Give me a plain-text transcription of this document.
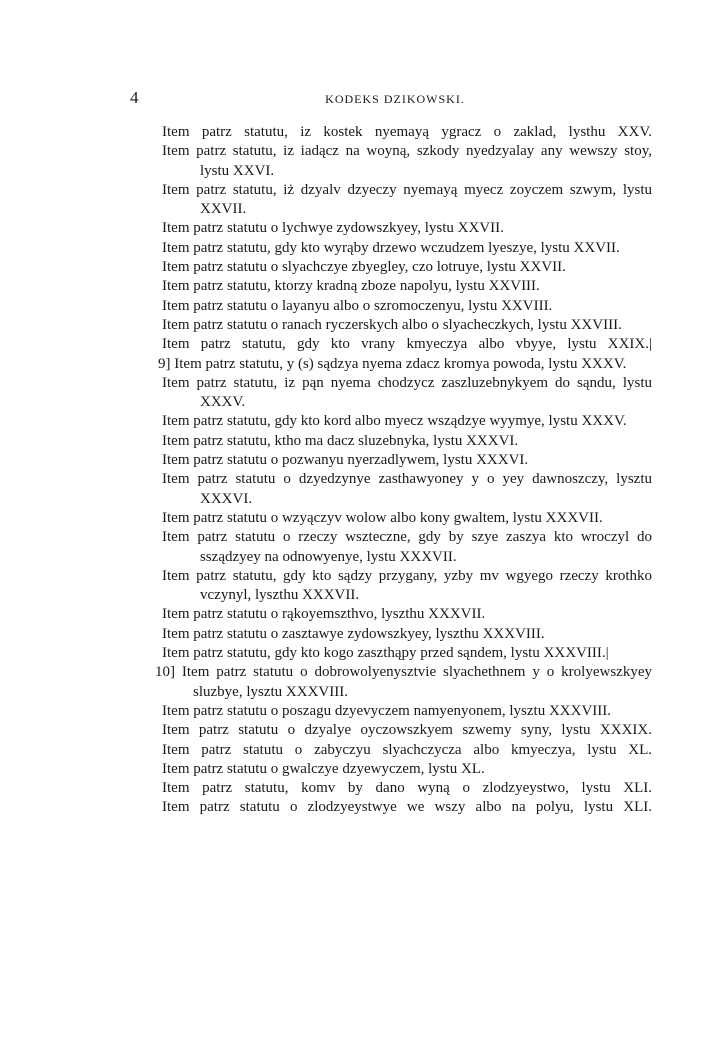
4	KODEKS DZIKOWSKI.
Item patrz statutu, iz kostek nyemayą ygracz o zaklad, lysthu XXV.
Item patrz statutu, iz iadącz na woyną, szkody nyedzyalay any wewszy stoy, lystu XXVI.
Item patrz statutu, iż dzyalv dzyeczy nyemayą myecz zoyczem szwym, lystu XXVII.
Item patrz statutu o lychwye zydowszkyey, lystu XXVII.
Item patrz statutu, gdy kto wyrąby drzewo wczudzem lyeszye, lystu XXVII.
Item patrz statutu o slyachczye zbyegley, czo lotruye, lystu XXVII.
Item patrz statutu, ktorzy kradną zboze napolyu, lystu XXVIII.
Item patrz statutu o layanyu albo o szromoczenyu, lystu XXVIII.
Item patrz statutu o ranach ryczerskych albo o slyacheczkych, lystu XXVIII.
Item patrz statutu, gdy kto vrany kmyeczya albo vbyye, lystu XXIX.|
9] Item patrz statutu, y (s) sądzya nyema zdacz kromya powoda, lystu XXXV.
Item patrz statutu, iz pąn nyema chodzycz zaszluzebnykyem do sąndu, lystu XXXV.
Item patrz statutu, gdy kto kord albo myecz wsządzye wyymye, lystu XXXV.
Item patrz statutu, ktho ma dacz sluzebnyka, lystu XXXVI.
Item patrz statutu o pozwanyu nyerzadlywem, lystu XXXVI.
Item patrz statutu o dzyedzynye zasthawyoney y o yey dawnoszczy, lysztu XXXVI.
Item patrz statutu o wzyączyv wolow albo kony gwaltem, lystu XXXVII.
Item patrz statutu o rzeczy wszteczne, gdy by szye zaszya kto wroczyl do ssządzyey na odnowyenye, lystu XXXVII.
Item patrz statutu, gdy kto sądzy przygany, yzby mv wgyego rzeczy krothko vczynyl, lyszthu XXXVII.
Item patrz statutu o rąkoyemszthvo, lyszthu XXXVII.
Item patrz statutu o zasztawye zydowszkyey, lyszthu XXXVIII.
Item patrz statutu, gdy kto kogo zaszthąpy przed sąndem, lystu XXXVIII.|
10] Item patrz statutu o dobrowolyenysztvie slyachethnem y o krolyewszkyey sluzbye, lysztu XXXVIII.
Item patrz statutu o poszagu dzyevyczem namyenyonem, lysztu XXXVIII.
Item patrz statutu o dzyalye oyczowszkyem szwemy syny, lystu XXXIX.
Item patrz statutu o zabyczyu slyachczycza albo kmyeczya, lystu XL.
Item patrz statutu o gwalczye dzyewyczem, lystu XL.
Item patrz statutu, komv by dano wyną o zlodzyeystwo, lystu XLI.
Item patrz statutu o zlodzyeystwye we wszy albo na polyu, lystu XLI.
